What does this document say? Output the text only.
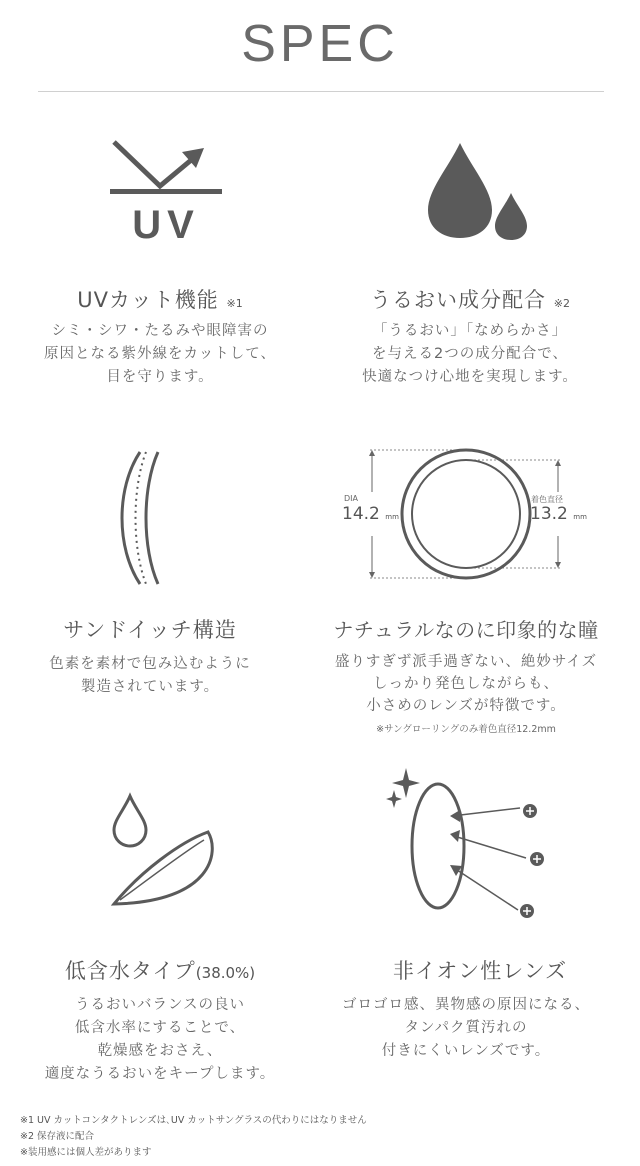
SPEC
UV
UVカット機能 ※1
シミ・シワ・たるみや眼障害の
原因となる紫外線をカットして、
目を守ります。
うるおい成分配合 ※2
「うるおい」「なめらかさ」
を与える2つの成分配合で、
快適なつけ心地を実現します。
サンドイッチ構造
色素を素材で包み込むように
製造されています。
DIA
14.2 mm
着色直径
13.2 mm
ナチュラルなのに印象的な瞳
盛りすぎず派手過ぎない、絶妙サイズ
しっかり発色しながらも、
小さめのレンズが特徴です。
※サングローリングのみ着色直径12.2mm
低含水タイプ(38.0%)
うるおいバランスの良い
低含水率にすることで、
乾燥感をおさえ、
適度なうるおいをキープします。
非イオン性レンズ
ゴロゴロ感、異物感の原因になる、
タンパク質汚れの
付きにくいレンズです。
※1 UV カットコンタクトレンズは､UV カットサングラスの代わりにはなりません
※2 保存液に配合
※装用感には個人差があります
